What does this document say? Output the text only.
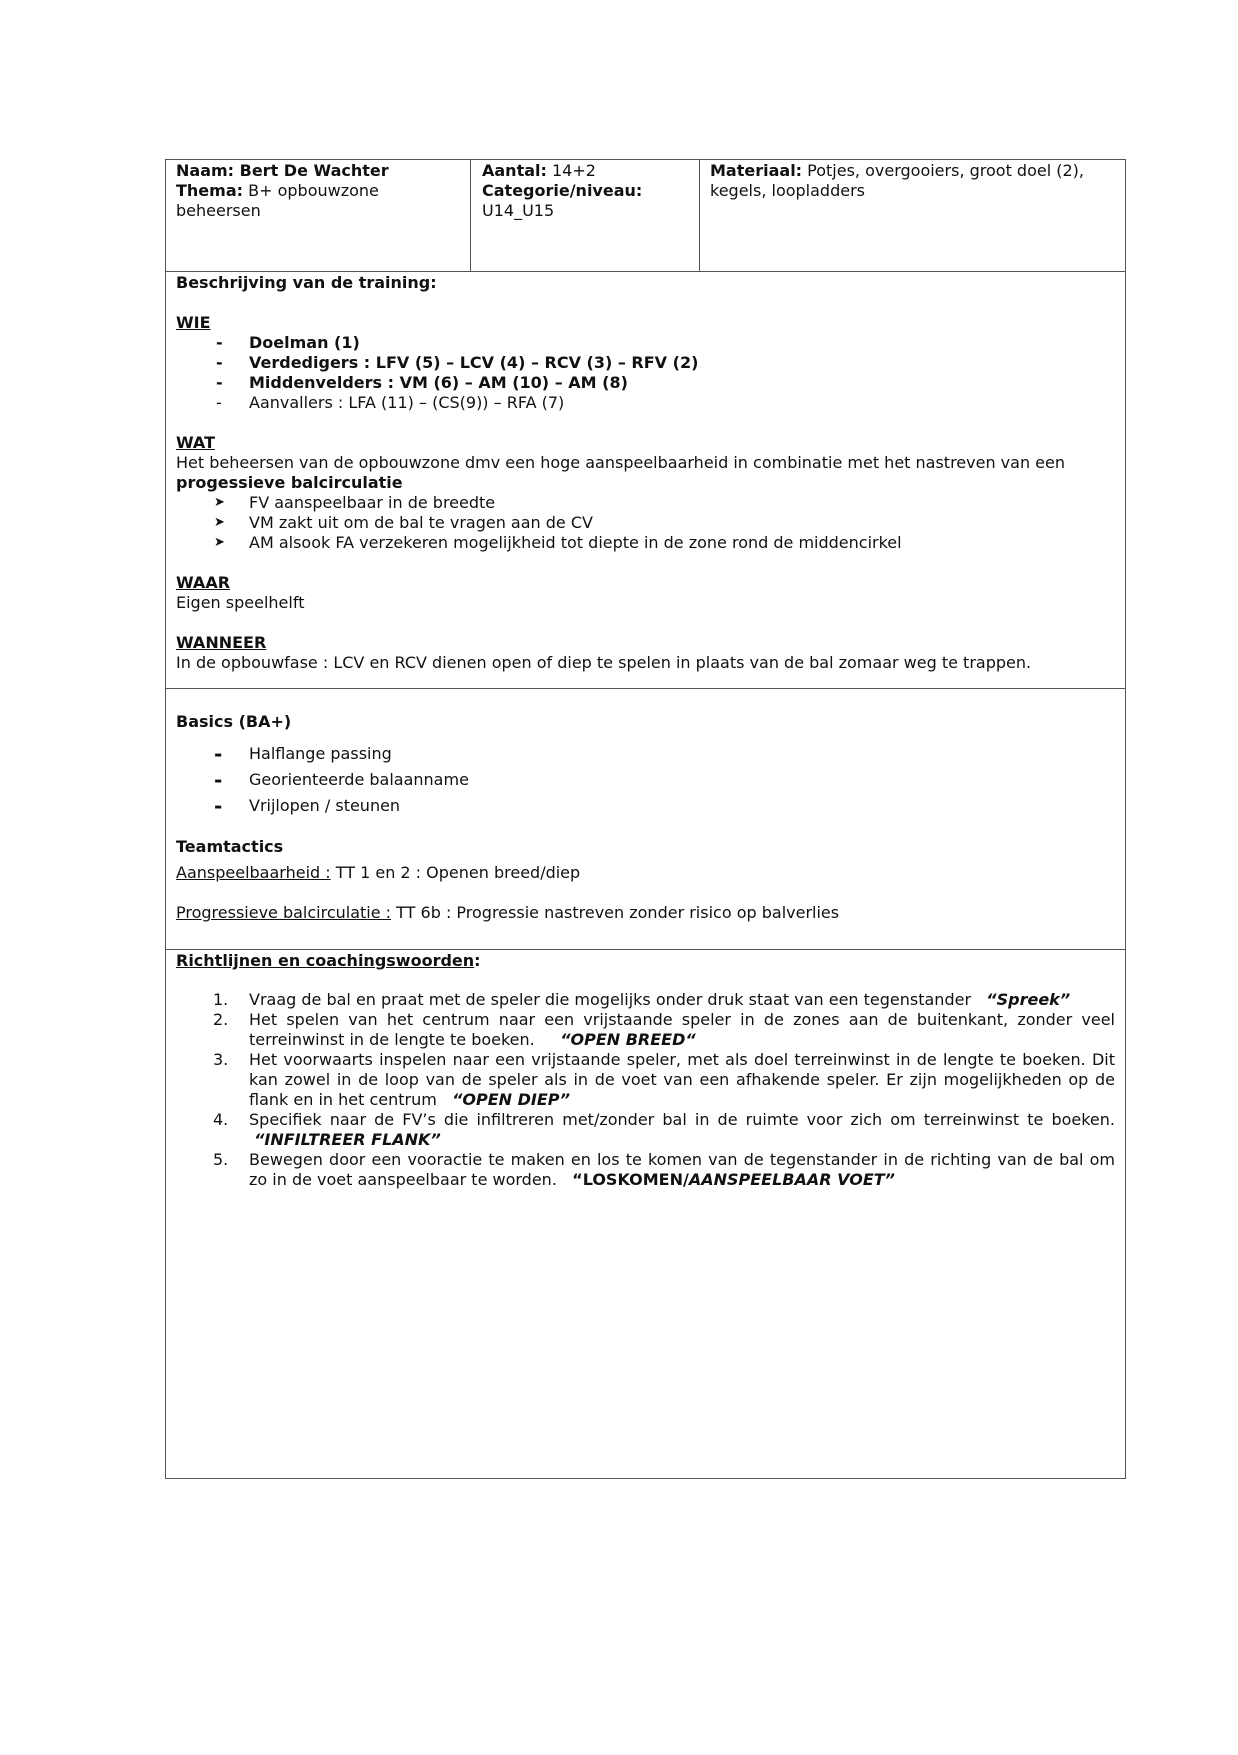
Naam: Bert De Wachter
Thema: B+ opbouwzone
beheersen
Aantal: 14+2
Categorie/niveau:
U14_U15
Materiaal: Potjes, overgooiers, groot doel (2),
kegels, loopladders
Beschrijving van de training:
WIE
- Doelman (1)
- Verdedigers : LFV (5) – LCV (4) – RCV (3) – RFV (2)
- Middenvelders : VM (6) – AM (10) – AM (8)
- Aanvallers : LFA (11) – (CS(9)) – RFA (7)
WAT
Het beheersen van de opbouwzone dmv een hoge aanspeelbaarheid in combinatie met het nastreven van een
progessieve balcirculatie
➤ FV aanspeelbaar in de breedte
➤ VM zakt uit om de bal te vragen aan de CV
➤ AM alsook FA verzekeren mogelijkheid tot diepte in de zone rond de middencirkel
WAAR
Eigen speelhelft
WANNEER
In de opbouwfase : LCV en RCV dienen open of diep te spelen in plaats van de bal zomaar weg te trappen.
Basics (BA+)
- Halflange passing
- Georienteerde balaanname
- Vrijlopen / steunen
Teamtactics
Aanspeelbaarheid : TT 1 en 2 : Openen breed/diep
Progressieve balcirculatie : TT 6b : Progressie nastreven zonder risico op balverlies
Richtlijnen en coachingswoorden:
1. Vraag de bal en praat met de speler die mogelijks onder druk staat van een tegenstander “Spreek”
2. Het spelen van het centrum naar een vrijstaande speler in de zones aan de buitenkant, zonder veel terreinwinst in de lengte te boeken. “OPEN BREED“
3. Het voorwaarts inspelen naar een vrijstaande speler, met als doel terreinwinst in de lengte te boeken. Dit kan zowel in de loop van de speler als in de voet van een afhakende speler. Er zijn mogelijkheden op de flank en in het centrum “OPEN DIEP”
4. Specifiek naar de FV’s die infiltreren met/zonder bal in de ruimte voor zich om terreinwinst te boeken. “INFILTREER FLANK”
5. Bewegen door een vooractie te maken en los te komen van de tegenstander in de richting van de bal om zo in de voet aanspeelbaar te worden. “LOSKOMEN/AANSPEELBAAR VOET”
